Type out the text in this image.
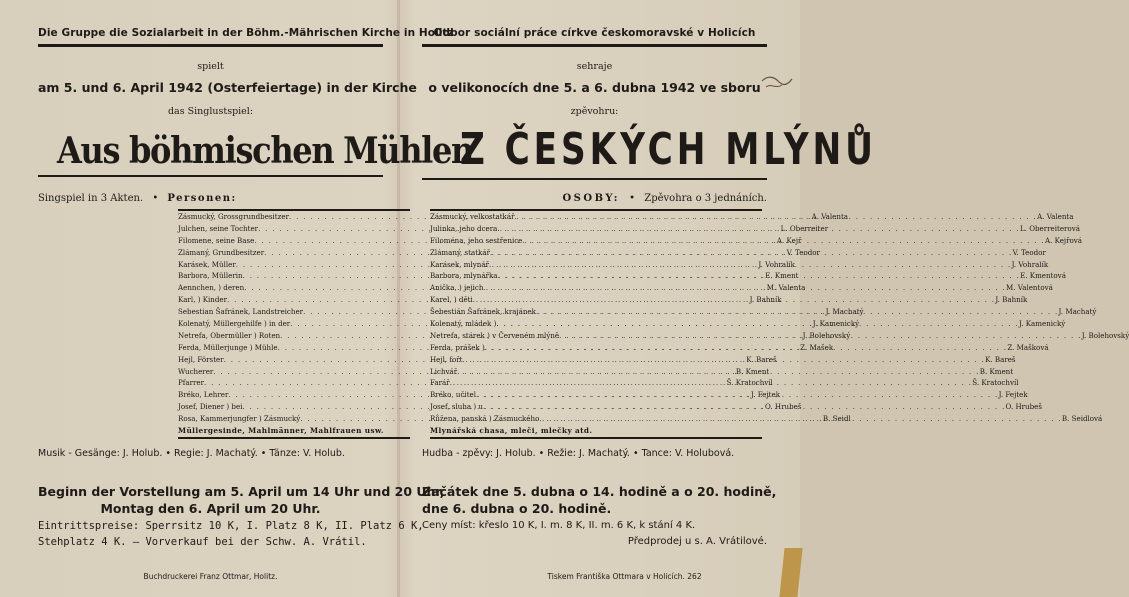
Die Gruppe die Sozialarbeit in der Böhm.-Mährischen Kirche in Holitz
spielt
am 5. und 6. April 1942 (Osterfeiertage) in der Kirche
das Singlustspiel:
Aus böhmischen Mühlen
Singspiel in 3 Akten. • Personen:
Zásmucký, Grossgrundbesitzer . . .	A. Valenta
Julchen, seine Tochter . . .	L. Oberreiter
Filomene, seine Base . . .	A. Kejř
Zlámaný, Grundbesitzer . . .	V. Teodor
Karásek, Müller . . .	J. Vohralík
Barbora, Müllerin . . .	E. Kment
Aennchen, ) deren . . .	M. Valenta
Karl, ) Kinder . . .	J. Bahník
Sebestian Šafránek, Landstreicher . . .	J. Machatý
Kolenatý, Müllergehilfe ) in der . . .	J. Kamenický
Netrefa, Obermüller ) Roten . . .	J. Bolehovský
Ferda, Müllerjunge ) Mühle . . .	Z. Mašek
Hejl, Förster . . .	K. Bareš
Wucherer . . .	B. Kment
Pfarrer . . .	Š. Kratochvíl
Bréko, Lehrer . . .	J. Fejtek
Josef, Diener ) bei . . .	O. Hrubeš
Rosa, Kammerjungfer ) Zásmucký . . .	B. Seidl
Müllergesinde, Mahlmänner, Mahlfrauen usw.
Musik - Gesänge: J. Holub. • Regie: J. Machatý. • Tänze: V. Holub.
Beginn der Vorstellung am 5. April um 14 Uhr und 20 Uhr,
Montag den 6. April um 20 Uhr.
Eintrittspreise: Sperrsitz 10 K, I. Platz 8 K, II. Platz 6 K,
Stehplatz 4 K. — Vorverkauf bei der Schw. A. Vrátil.
Buchdruckerei Franz Ottmar, Holitz.
Odbor sociální práce církve českomoravské v Holicích
sehraje
o velikonocích dne 5. a 6. dubna 1942 ve sboru
zpěvohru:
Z ČESKÝCH MLÝNŮ
OSOBY: • Zpěvohra o 3 jednáních.
Zásmucký, velkostatkář . . .	A. Valenta
Julinka, jeho dcera . . .	L. Oberreiterová
Filoména, jeho sestřenice . . .	A. Kejřová
Zlámaný, statkář . . .	V. Teodor
Karásek, mlynář . . .	J. Vohralík
Barbora, mlynářka . . .	E. Kmentová
Anička, ) jejich . . .	M. Valentová
Karel, ) děti . . .	J. Bahník
Šebestián Šafránek, krajánek . . .	J. Machatý
Kolenatý, mládek ) . . .	J. Kamenický
Netrefa, stárek ) v Červeném mlýně . . .	J. Bolehovský
Ferda, prášek ) . . .	Z. Mašková
Hejl, fořt . . .	K. Bareš
Lichvář . . .	B. Kment
Farář . . .	Š. Kratochvíl
Bréko, učitel . . .	J. Fejtek
Josef, sluha ) u . . .	O. Hrubeš
Růžena, panská ) Zásmuckého . . .	B. Seidlová
Mlynářská chasa, mleči, mlečky atd.
Hudba - zpěvy: J. Holub. • Režie: J. Machatý. • Tance: V. Holubová.
Začátek dne 5. dubna o 14. hodině a o 20. hodině,
dne 6. dubna o 20. hodině.
Ceny míst: křeslo 10 K, I. m. 8 K, II. m. 6 K, k stání 4 K.
Předprodej u s. A. Vrátilové.
Tiskem Františka Ottmara v Holicích. 262
